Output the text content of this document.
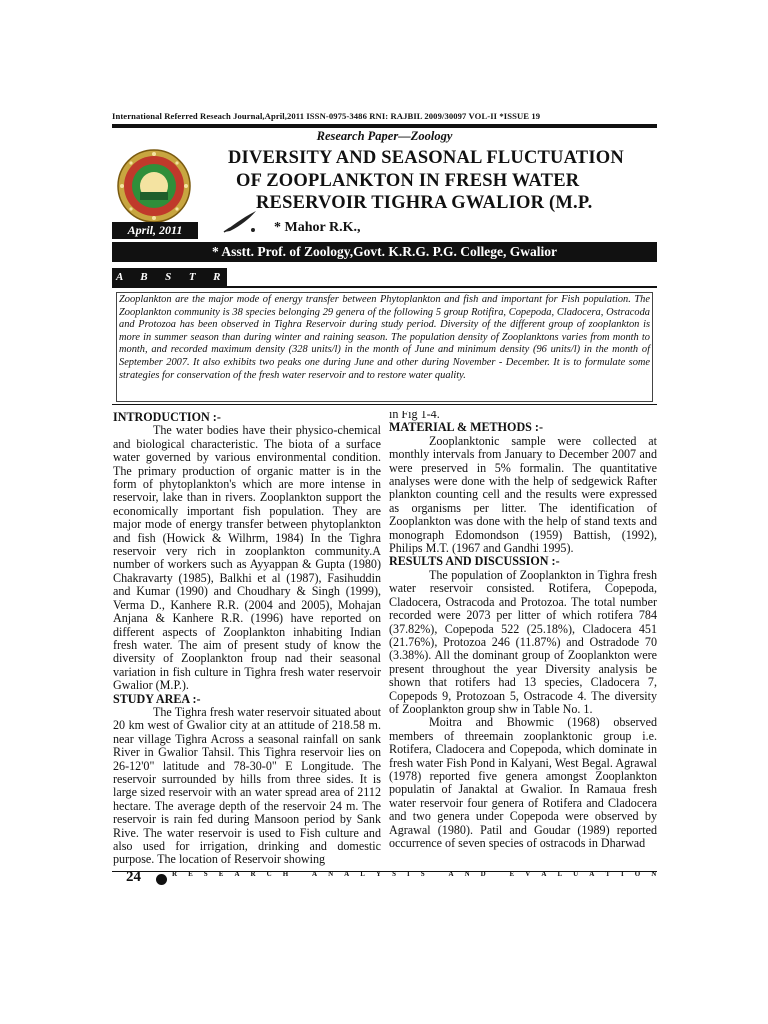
International Referred Reseach Journal,April,2011 ISSN-0975-3486 RNI: RAJBIL 2009/30097 VOL-II *ISSUE 19
Research Paper—Zoology
DIVERSITY AND SEASONAL FLUCTUATION
OF ZOOPLANKTON IN FRESH WATER
RESERVOIR TIGHRA GWALIOR (M.P.
April, 2011	* Mahor R.K.,
* Asstt. Prof. of Zoology,Govt. K.R.G. P.G. College, Gwalior
A B S T R A C T
Zooplankton are the major mode of energy transfer between Phytoplankton and fish and important for Fish population. The Zooplankton community is 38 species belonging 29 genera of the following 5 group Rotifira, Copepoda, Cladocera, Ostracoda and Protozoa has been observed in Tighra Reservoir during study period. Diversity of the different group of zooplankton is more in summer season than during winter and raining season. The population density of Zooplanktons varies from month to month, and recorded maximum density (328 units/l) in the month of June and minimum density (96 units/l) in the month of September 2007. It also exhibits two peaks one during June and other during November - December. It is to formulate some strategies for conservation of the fresh water reservoir and to restore water quality.

INTRODUCTION :-

The water bodies have their physico-chemical and biological characteristic. The biota of a surface water governed by various environmental condition. The primary production of organic matter is in the form of phytoplankton's which are more intense in reservoir, lake than in rivers. Zooplankton support the economically important fish population. They are major mode of energy transfer between phytoplankton and fish (Howick & Wilhrm, 1984) In the Tighra reservoir very rich in zooplankton community.A number of workers such as Ayyappan & Gupta (1980) Chakravarty (1985), Balkhi et al (1987), Fasihuddin and Kumar (1990) and Choudhary & Singh (1999), Verma D., Kanhere R.R. (2004 and 2005), Mohajan Anjana & Kanhere R.R. (1996) have reported on different aspects of Zooplankton inhabiting Indian fresh water. The aim of present study of know the diversity of Zooplankton froup nad their seasonal variation in fish culture in Tighra fresh water reservoir Gwalior (M.P.).

STUDY AREA :-

The Tighra fresh water reservoir situated about 20 km west of Gwalior city at an attitude of 218.58 m. near village Tighra Across a seasonal rainfall on sank River in Gwalior Tahsil. This Tighra reservoir lies on 26-12'0" latitude and 78-30-0" E Longitude. The reservoir surrounded by hills from three sides. It is large sized reservoir with an water spread area of 2112 hectare. The average depth of the reservoir 24 m. The reservoir is rain fed during Mansoon period by Sank Rive. The water reservoir is used to Fish culture and also used for irrigation, drinking and domestic purpose. The location of Reservoir showing

in Fig 1-4.

MATERIAL & METHODS :-

Zooplanktonic sample were collected at monthly intervals from January to December 2007 and were preserved in 5% formalin. The quantitative analyses were done with the help of sedgewick Rafter plankton counting cell and the results were expressed as organisms per litter. The identification of Zooplankton was done with the help of stand texts and monograph Edomondson (1959) Battish, (1992), Philips M.T. (1967 and Gandhi 1995).

RESULTS AND DISCUSSION :-

The population of Zooplankton in Tighra fresh water reservoir consisted. Rotifera, Copepoda, Cladocera, Ostracoda and Protozoa. The total number recorded were 2073 per litter of which rotifera 784 (37.82%), Copepoda 522 (25.18%), Cladocera 451 (21.76%), Protozoa 246 (11.87%) and Ostradode 70 (3.38%). All the dominant group of Zooplankton were present throughout the year Diversity analysis be shown that rotifers had 13 species, Cladocera 7, Copepods 9, Protozoan 5, Ostracode 4. The diversity of Zooplankton group shw in Table No. 1.

Moitra and Bhowmic (1968) observed members of threemain zooplanktonic group i.e. Rotifera, Cladocera and Copepoda, which dominate in fresh water Fish Pond in Kalyani, West Begal. Agrawal (1978) reported five genera amongst Zooplankton populatin of Janaktal at Gwalior. In Ramaua fresh water reservoir four genera of Rotifera and Cladocera and two genera under Copepoda were observed by Agrawal (1980). Patil and Goudar (1989) reported occurrence of seven species of ostracods in Dharwad

24	R
E
S
E
A
R
C
H

	A
N
A
L
Y
S
I
S

	A
N
D

	E
V
A
L
U
A
T
I
O
N
